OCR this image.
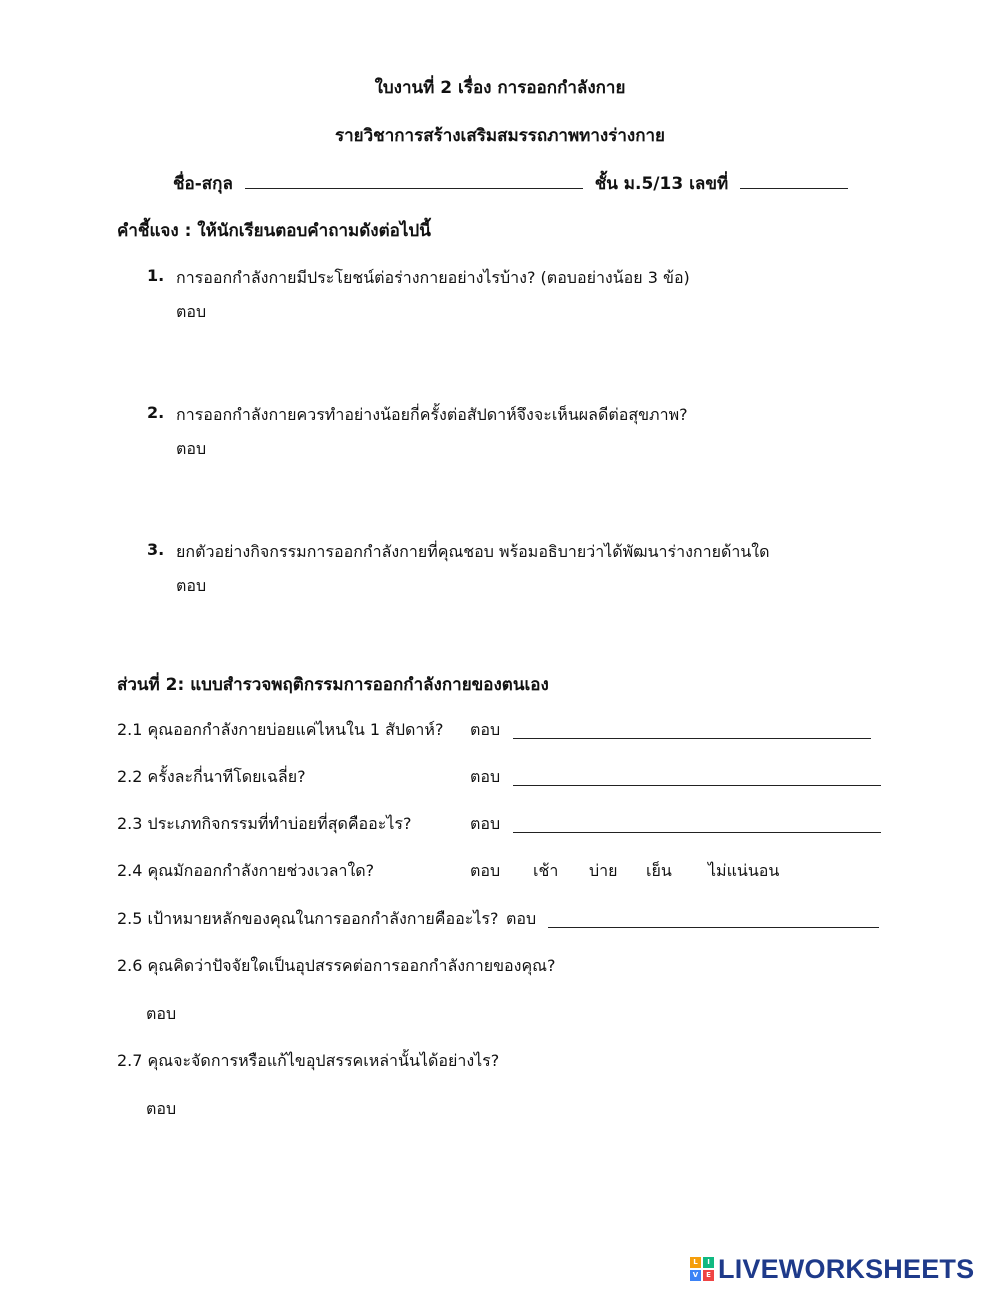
ใบงานที่ 2 เรื่อง การออกกำลังกาย
รายวิชาการสร้างเสริมสมรรถภาพทางร่างกาย
ชื่อ-สกุล	ชั้น ม.5/13 เลขที่
คำชี้แจง : ให้นักเรียนตอบคำถามดังต่อไปนี้
1. การออกกำลังกายมีประโยชน์ต่อร่างกายอย่างไรบ้าง? (ตอบอย่างน้อย 3 ข้อ)
ตอบ
2. การออกกำลังกายควรทำอย่างน้อยกี่ครั้งต่อสัปดาห์จึงจะเห็นผลดีต่อสุขภาพ?
ตอบ
3. ยกตัวอย่างกิจกรรมการออกกำลังกายที่คุณชอบ พร้อมอธิบายว่าได้พัฒนาร่างกายด้านใด
ตอบ
ส่วนที่ 2: แบบสำรวจพฤติกรรมการออกกำลังกายของตนเอง
2.1 คุณออกกำลังกายบ่อยแค่ไหนใน 1 สัปดาห์? ตอบ
2.2 ครั้งละกี่นาทีโดยเฉลี่ย?	ตอบ
2.3 ประเภทกิจกรรมที่ทำบ่อยที่สุดคืออะไร?	ตอบ
2.4 คุณมักออกกำลังกายช่วงเวลาใด?	ตอบ เช้า บ่าย เย็น ไม่แน่นอน
2.5 เป้าหมายหลักของคุณในการออกกำลังกายคืออะไร? ตอบ
2.6 คุณคิดว่าปัจจัยใดเป็นอุปสรรคต่อการออกกำลังกายของคุณ?
ตอบ
2.7 คุณจะจัดการหรือแก้ไขอุปสรรคเหล่านั้นได้อย่างไร?
ตอบ
L	I
V	E LIVEWORKSHEETS
